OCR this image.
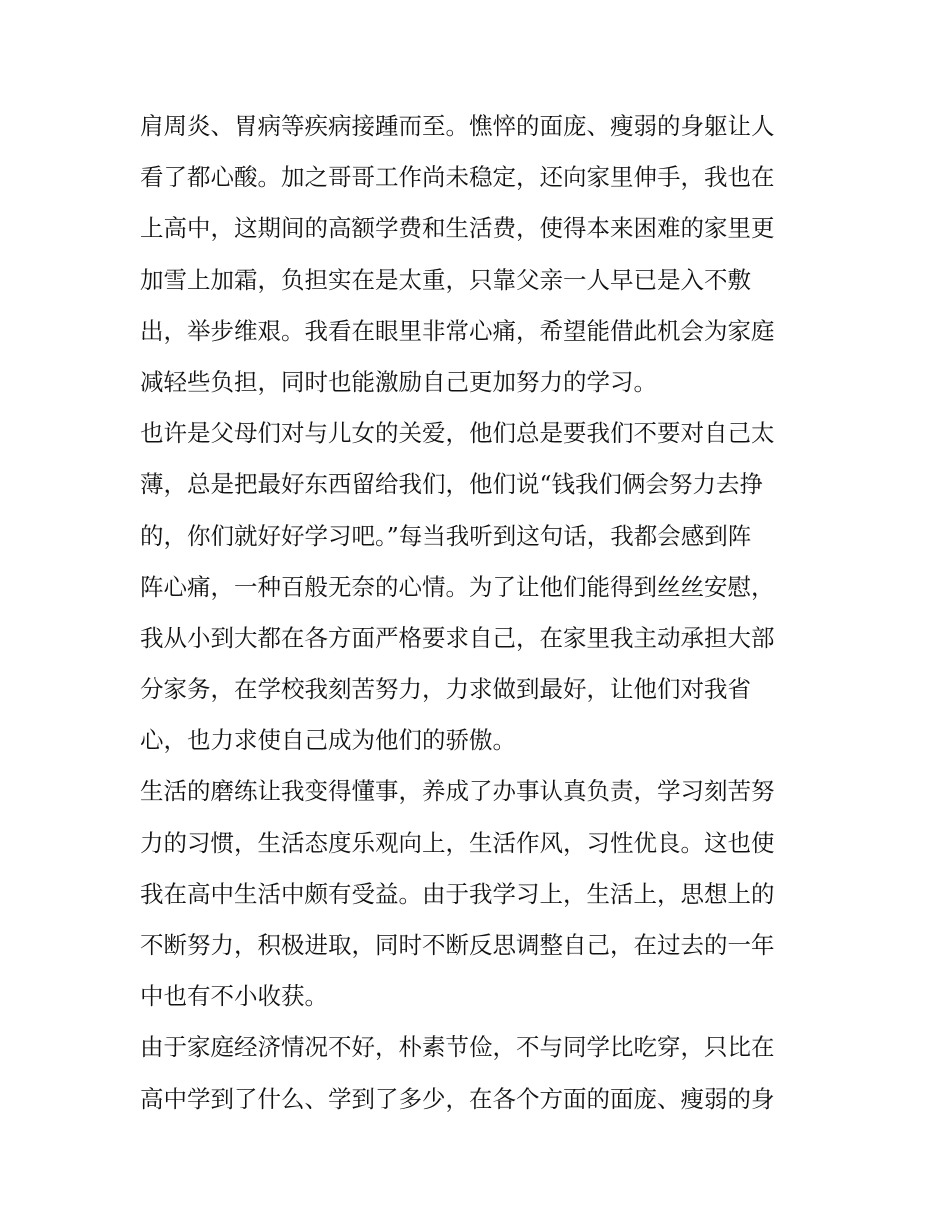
肩周炎、胃病等疾病接踵而至。憔悴的面庞、瘦弱的身躯让人
看了都心酸。加之哥哥工作尚未稳定，还向家里伸手，我也在
上高中，这期间的高额学费和生活费，使得本来困难的家里更
加雪上加霜，负担实在是太重，只靠父亲一人早已是入不敷
出，举步维艰。我看在眼里非常心痛，希望能借此机会为家庭
减轻些负担，同时也能激励自己更加努力的学习。
也许是父母们对与儿女的关爱，他们总是要我们不要对自己太
薄，总是把最好东西留给我们，他们说“钱我们俩会努力去挣
的，你们就好好学习吧。”每当我听到这句话，我都会感到阵
阵心痛，一种百般无奈的心情。为了让他们能得到丝丝安慰，
我从小到大都在各方面严格要求自己，在家里我主动承担大部
分家务，在学校我刻苦努力，力求做到最好，让他们对我省
心，也力求使自己成为他们的骄傲。
生活的磨练让我变得懂事，养成了办事认真负责，学习刻苦努
力的习惯，生活态度乐观向上，生活作风，习性优良。这也使
我在高中生活中颇有受益。由于我学习上，生活上，思想上的
不断努力，积极进取，同时不断反思调整自己，在过去的一年
中也有不小收获。
由于家庭经济情况不好，朴素节俭，不与同学比吃穿，只比在
高中学到了什么、学到了多少，在各个方面的面庞、瘦弱的身
